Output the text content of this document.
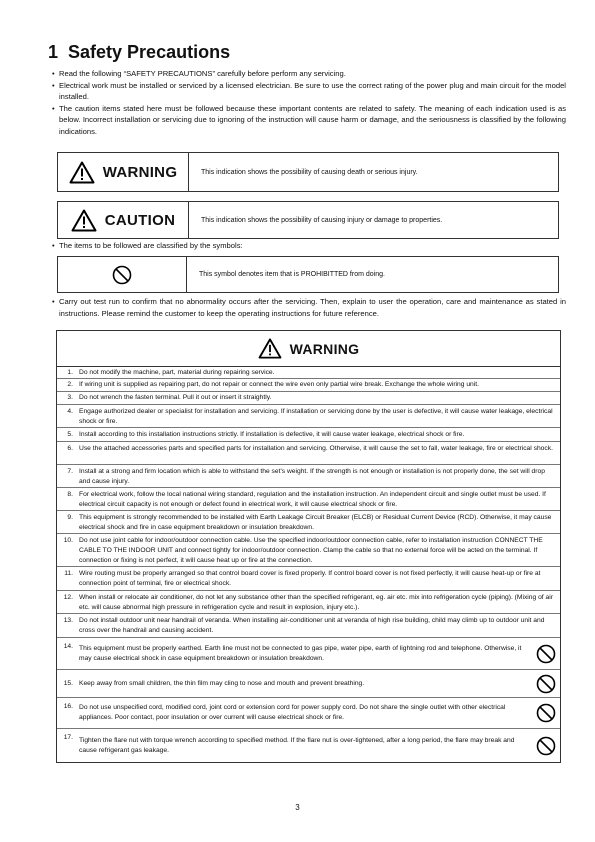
1 Safety Precautions
• Read the following “SAFETY PRECAUTIONS” carefully before perform any servicing.
• Electrical work must be installed or serviced by a licensed electrician. Be sure to use the correct rating of the power plug and main circuit for the model installed.
• The caution items stated here must be followed because these important contents are related to safety. The meaning of each indication used is as below. Incorrect installation or servicing due to ignoring of the instruction will cause harm or damage, and the seriousness is classified by the following indications.
WARNING	This indication shows the possibility of causing death or serious injury.
CAUTION	This indication shows the possibility of causing injury or damage to properties.
• The items to be followed are classified by the symbols:
This symbol denotes item that is PROHIBITTED from doing.
• Carry out test run to confirm that no abnormality occurs after the servicing. Then, explain to user the operation, care and maintenance as stated in instructions. Please remind the customer to keep the operating instructions for future reference.
WARNING
1. Do not modify the machine, part, material during repairing service.
2. If wiring unit is supplied as repairing part, do not repair or connect the wire even only partial wire break. Exchange the whole wiring unit.
3. Do not wrench the fasten terminal. Pull it out or insert it straightly.
4. Engage authorized dealer or specialist for installation and servicing. If installation or servicing done by the user is defective, it will cause water leakage, electrical shock or fire.
5. Install according to this installation instructions strictly. If installation is defective, it will cause water leakage, electrical shock or fire.
6. Use the attached accessories parts and specified parts for installation and servicing. Otherwise, it will cause the set to fall, water leakage, fire or electrical shock.
7. Install at a strong and firm location which is able to withstand the set's weight. If the strength is not enough or installation is not properly done, the set will drop and cause injury.
8. For electrical work, follow the local national wiring standard, regulation and the installation instruction. An independent circuit and single outlet must be used. If electrical circuit capacity is not enough or defect found in electrical work, it will cause electrical shock or fire.
9. This equipment is strongly recommended to be installed with Earth Leakage Circuit Breaker (ELCB) or Residual Current Device (RCD). Otherwise, it may cause electrical shock and fire in case equipment breakdown or insulation breakdown.
10. Do not use joint cable for indoor/outdoor connection cable. Use the specified indoor/outdoor connection cable, refer to installation instruction CONNECT THE CABLE TO THE INDOOR UNIT and connect tightly for indoor/outdoor connection. Clamp the cable so that no external force will be acted on the terminal. If connection or fixing is not perfect, it will cause heat up or fire at the connection.
11. Wire routing must be properly arranged so that control board cover is fixed properly. If control board cover is not fixed perfectly, it will cause heat-up or fire at connection point of terminal, fire or electrical shock.
12. When install or relocate air conditioner, do not let any substance other than the specified refrigerant, eg. air etc. mix into refrigeration cycle (piping). (Mixing of air etc. will cause abnormal high pressure in refrigeration cycle and result in explosion, injury etc.).
13. Do not install outdoor unit near handrail of veranda. When installing air-conditioner unit at veranda of high rise building, child may climb up to outdoor unit and cross over the handrail and causing accident.
14. This equipment must be properly earthed. Earth line must not be connected to gas pipe, water pipe, earth of lightning rod and telephone. Otherwise, it may cause electrical shock in case equipment breakdown or insulation breakdown.
15. Keep away from small children, the thin film may cling to nose and mouth and prevent breathing.
16. Do not use unspecified cord, modified cord, joint cord or extension cord for power supply cord. Do not share the single outlet with other electrical appliances. Poor contact, poor insulation or over current will cause electrical shock or fire.
17. Tighten the flare nut with torque wrench according to specified method. If the flare nut is over-tightened, after a long period, the flare may break and cause refrigerant gas leakage.
3
